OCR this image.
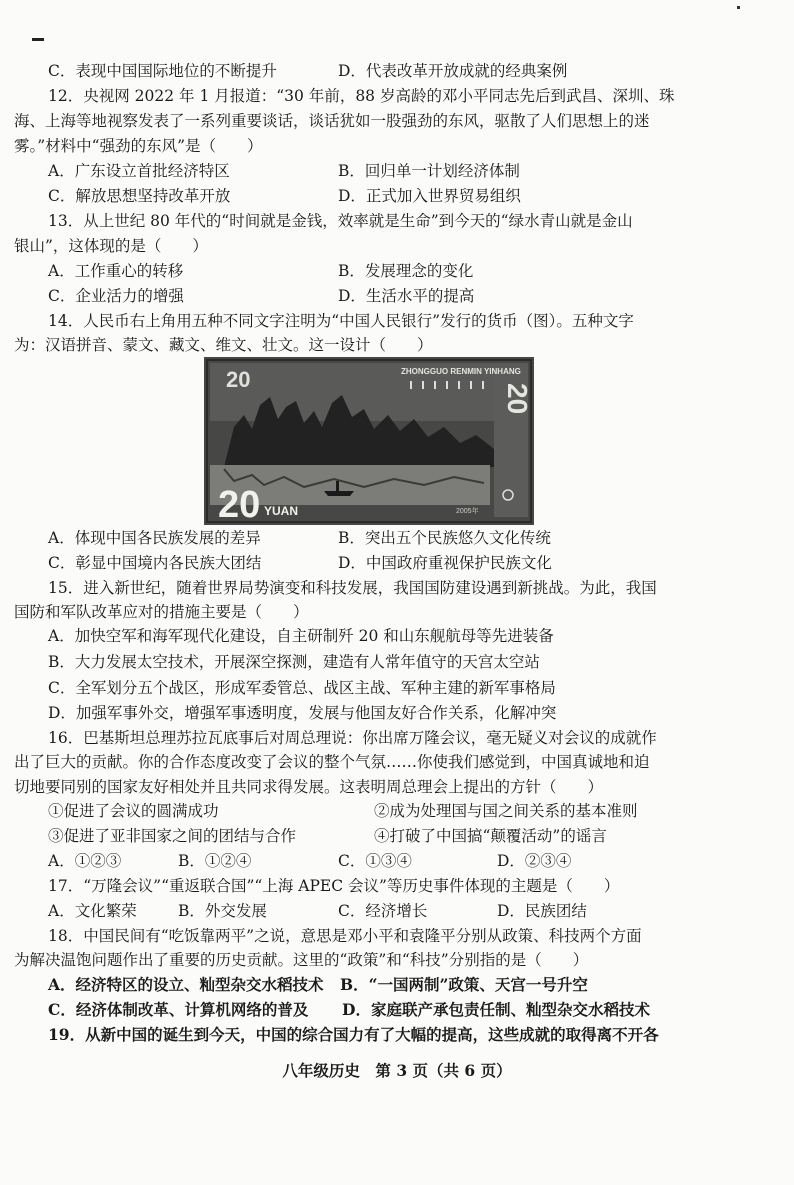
C．表现中国国际地位的不断提升	D．代表改革开放成就的经典案例
12．央视网 2022 年 1 月报道：“30 年前，88 岁高龄的邓小平同志先后到武昌、深圳、珠
海、上海等地视察发表了一系列重要谈话，谈话犹如一股强劲的东风，驱散了人们思想上的迷
雾。”材料中“强劲的东风”是（　　）
A．广东设立首批经济特区	B．回归单一计划经济体制
C．解放思想坚持改革开放	D．正式加入世界贸易组织
13．从上世纪 80 年代的“时间就是金钱，效率就是生命”到今天的“绿水青山就是金山
银山”，这体现的是（　　）
A．工作重心的转移	B．发展理念的变化
C．企业活力的增强	D．生活水平的提高
14．人民币右上角用五种不同文字注明为“中国人民银行”发行的货币（图）。五种文字
为：汉语拼音、蒙文、藏文、维文、壮文。这一设计（　　）
20	ZHONGGUO RENMIN YINHANG
20
20 YUAN	2005年
A．体现中国各民族发展的差异	B．突出五个民族悠久文化传统
C．彰显中国境内各民族大团结	D．中国政府重视保护民族文化
15．进入新世纪，随着世界局势演变和科技发展，我国国防建设遇到新挑战。为此，我国
国防和军队改革应对的措施主要是（　　）
A．加快空军和海军现代化建设，自主研制歼 20 和山东舰航母等先进装备
B．大力发展太空技术，开展深空探测，建造有人常年值守的天宫太空站
C．全军划分五个战区，形成军委管总、战区主战、军种主建的新军事格局
D．加强军事外交，增强军事透明度，发展与他国友好合作关系，化解冲突
16．巴基斯坦总理苏拉瓦底事后对周总理说：你出席万隆会议，毫无疑义对会议的成就作
出了巨大的贡献。你的合作态度改变了会议的整个气氛……你使我们感觉到，中国真诚地和迫
切地要同别的国家友好相处并且共同求得发展。这表明周总理会上提出的方针（　　）
①促进了会议的圆满成功	②成为处理国与国之间关系的基本准则
③促进了亚非国家之间的团结与合作	④打破了中国搞“颠覆活动”的谣言
A．①②③	B．①②④	C．①③④	D．②③④
17．“万隆会议”“重返联合国”“上海 APEC 会议”等历史事件体现的主题是（　　）
A．文化繁荣	B．外交发展	C．经济增长	D．民族团结
18．中国民间有“吃饭靠两平”之说，意思是邓小平和袁隆平分别从政策、科技两个方面
为解决温饱问题作出了重要的历史贡献。这里的“政策”和“科技”分别指的是（　　）
A．经济特区的设立、籼型杂交水稻技术 B．“一国两制”政策、天宫一号升空
C．经济体制改革、计算机网络的普及 D．家庭联产承包责任制、籼型杂交水稻技术
19．从新中国的诞生到今天，中国的综合国力有了大幅的提高，这些成就的取得离不开各
八年级历史　第 3 页（共 6 页）
